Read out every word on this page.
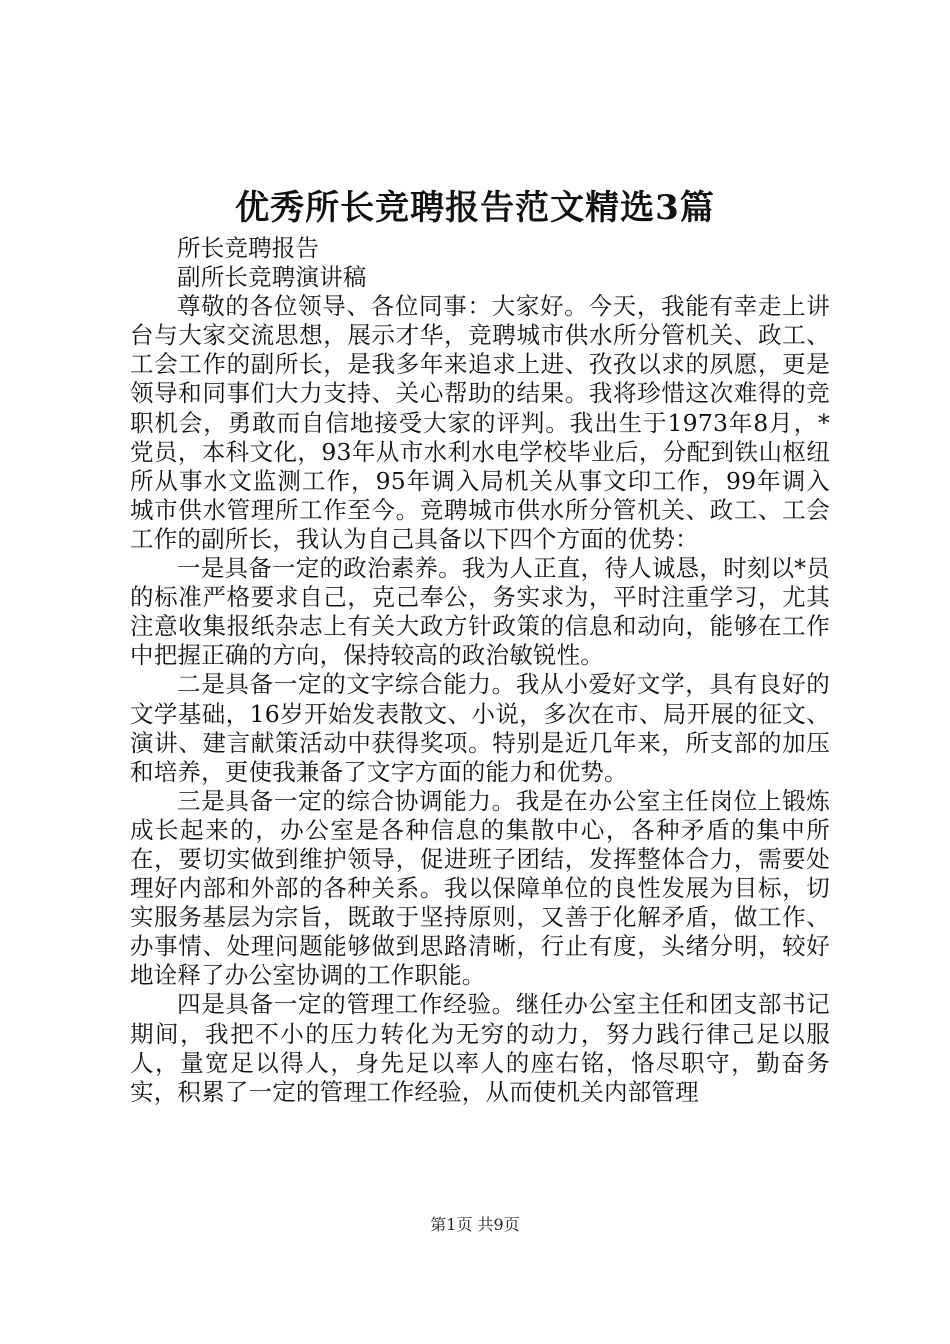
优秀所长竞聘报告范文精选3篇

所长竞聘报告

副所长竞聘演讲稿

尊敬的各位领导、各位同事：大家好。今天，我能有幸走上讲台与大家交流思想，展示才华，竞聘城市供水所分管机关、政工、工会工作的副所长，是我多年来追求上进、孜孜以求的夙愿，更是领导和同事们大力支持、关心帮助的结果。我将珍惜这次难得的竞职机会，勇敢而自信地接受大家的评判。我出生于1973年8月，*党员，本科文化，93年从市水利水电学校毕业后，分配到铁山枢纽所从事水文监测工作，95年调入局机关从事文印工作，99年调入城市供水管理所工作至今。竞聘城市供水所分管机关、政工、工会工作的副所长，我认为自己具备以下四个方面的优势：

一是具备一定的政治素养。我为人正直，待人诚恳，时刻以*员的标准严格要求自己，克己奉公，务实求为，平时注重学习，尤其注意收集报纸杂志上有关大政方针政策的信息和动向，能够在工作中把握正确的方向，保持较高的政治敏锐性。

二是具备一定的文字综合能力。我从小爱好文学，具有良好的文学基础，16岁开始发表散文、小说，多次在市、局开展的征文、演讲、建言献策活动中获得奖项。特别是近几年来，所支部的加压和培养，更使我兼备了文字方面的能力和优势。

三是具备一定的综合协调能力。我是在办公室主任岗位上锻炼成长起来的，办公室是各种信息的集散中心，各种矛盾的集中所在，要切实做到维护领导，促进班子团结，发挥整体合力，需要处理好内部和外部的各种关系。我以保障单位的良性发展为目标，切实服务基层为宗旨，既敢于坚持原则，又善于化解矛盾，做工作、办事情、处理问题能够做到思路清晰，行止有度，头绪分明，较好地诠释了办公室协调的工作职能。

四是具备一定的管理工作经验。继任办公室主任和团支部书记期间，我把不小的压力转化为无穷的动力，努力践行律己足以服人，量宽足以得人，身先足以率人的座右铭，恪尽职守，勤奋务实，积累了一定的管理工作经验，从而使机关内部管理

第1页 共9页
